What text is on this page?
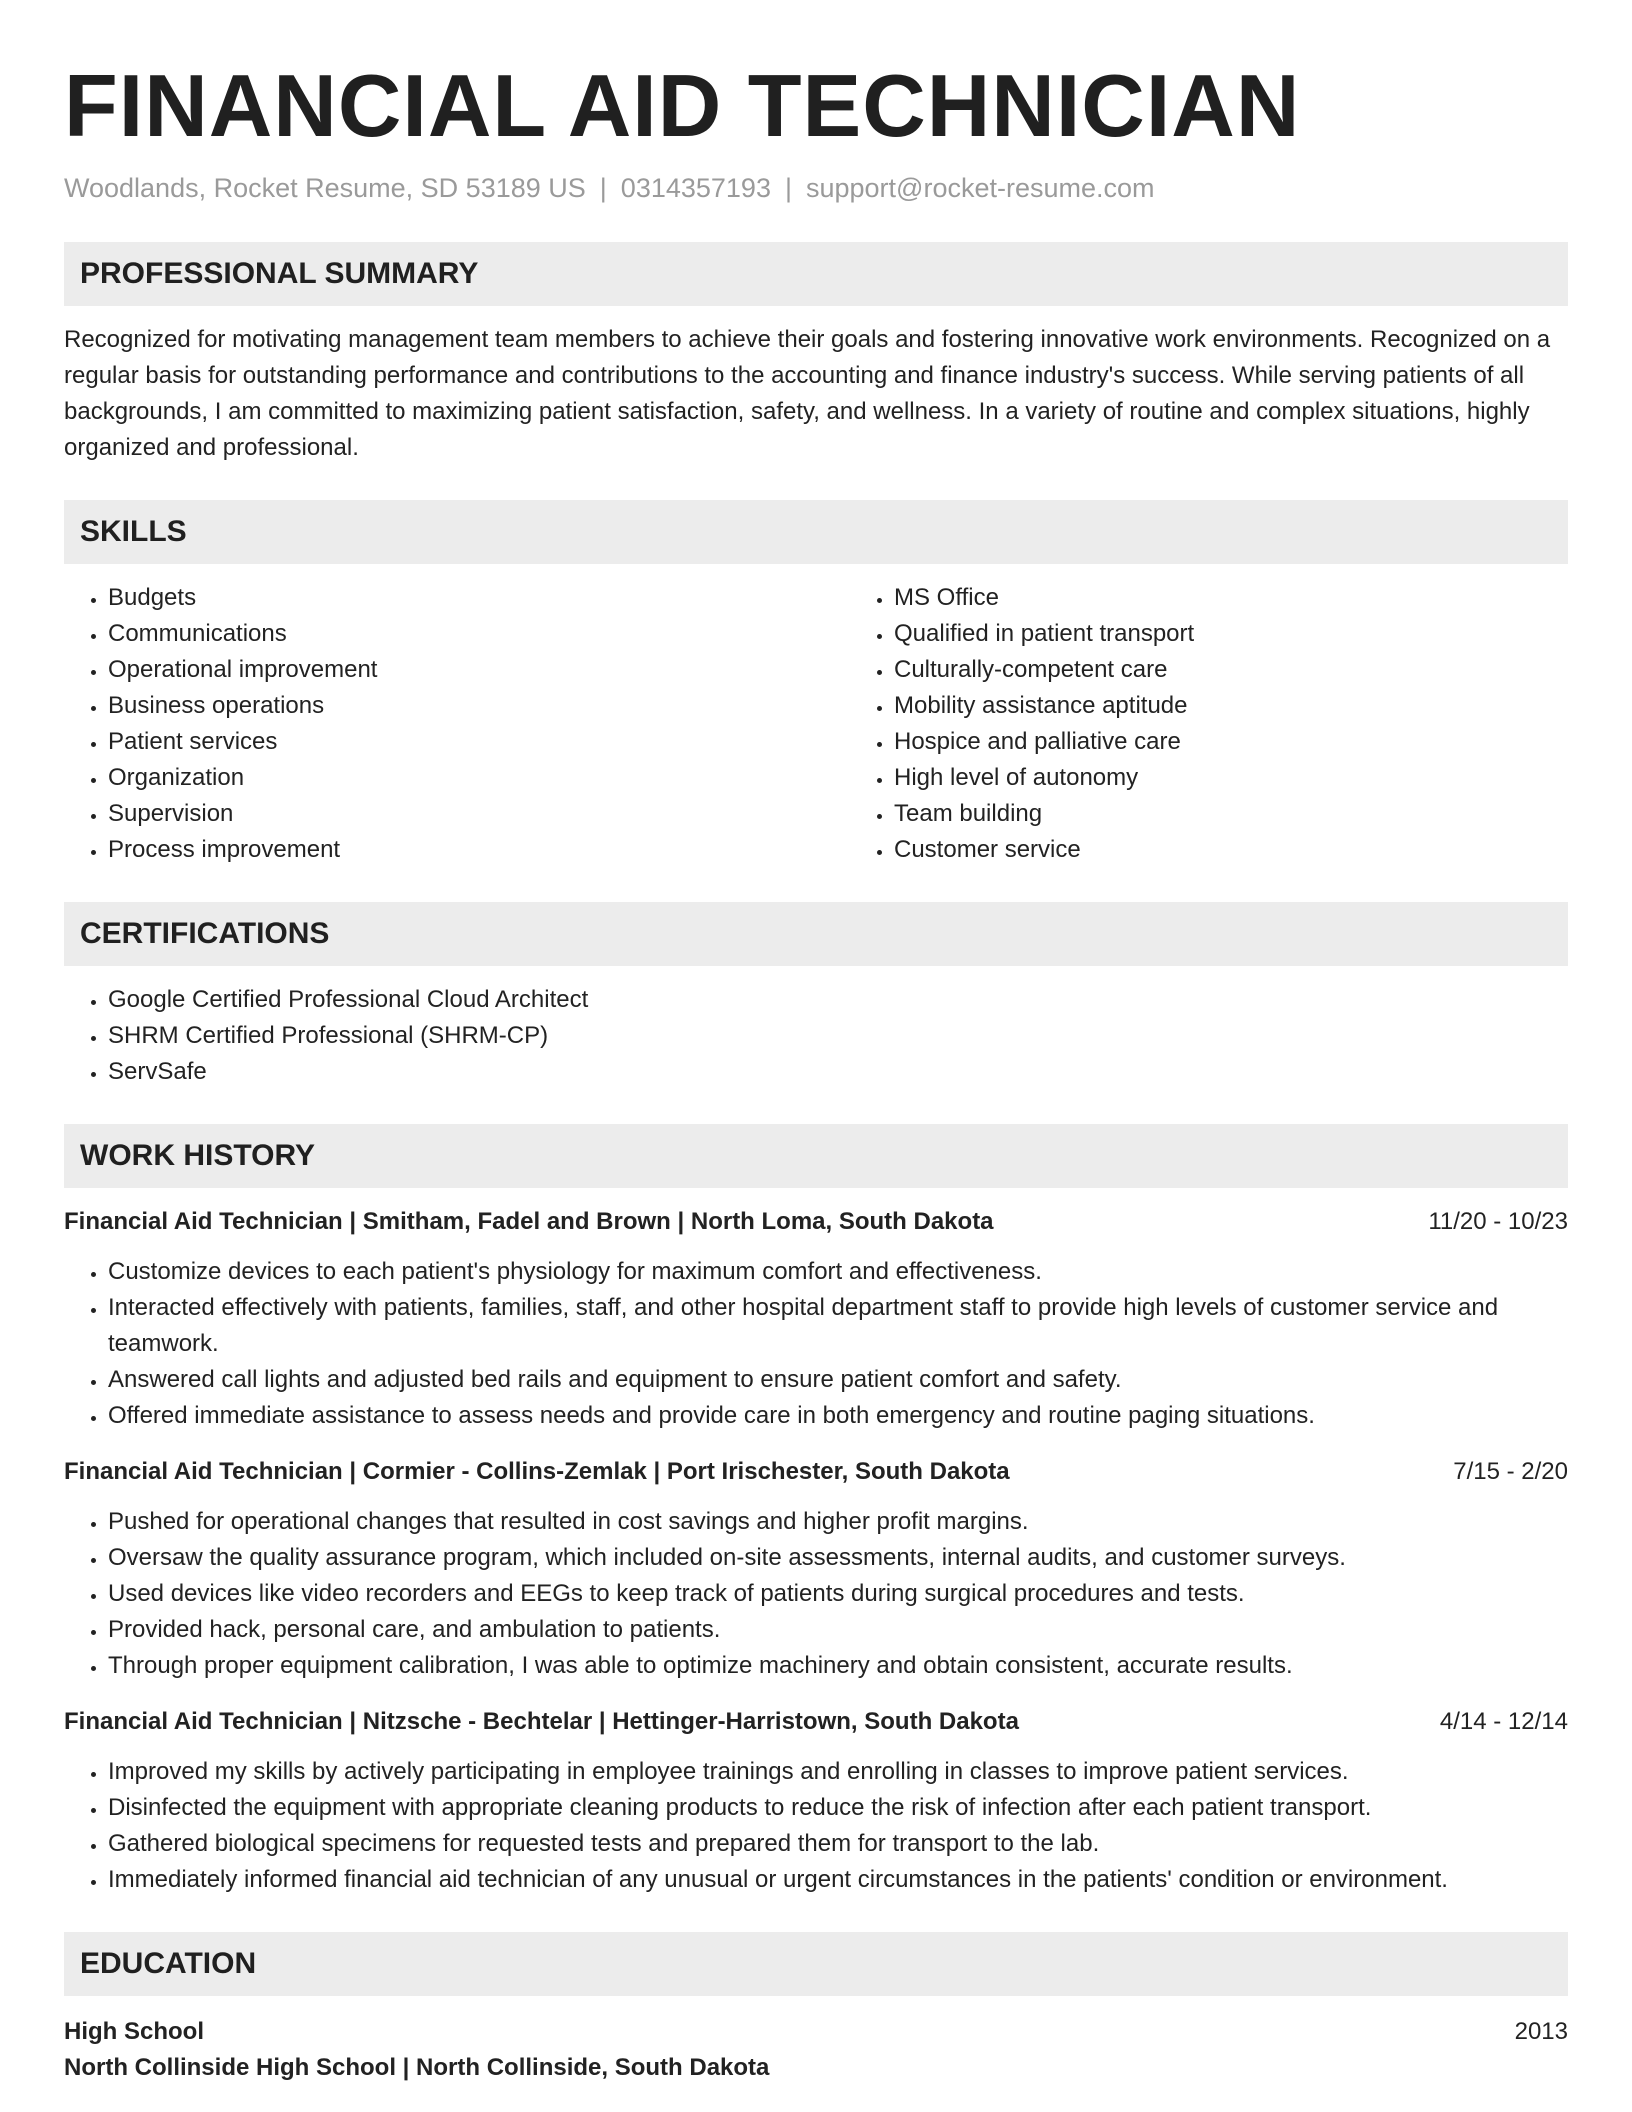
FINANCIAL AID TECHNICIAN
Woodlands, Rocket Resume, SD 53189 US | 0314357193 | support@rocket-resume.com
PROFESSIONAL SUMMARY

Recognized for motivating management team members to achieve their goals and fostering innovative work environments. Recognized on a regular basis for outstanding performance and contributions to the accounting and finance industry's success. While serving patients of all backgrounds, I am committed to maximizing patient satisfaction, safety, and wellness. In a variety of routine and complex situations, highly organized and professional.

SKILLS
• Budgets
• Communications
• Operational improvement
• Business operations
• Patient services
• Organization
• Supervision
• Process improvement
• MS Office
• Qualified in patient transport
• Culturally-competent care
• Mobility assistance aptitude
• Hospice and palliative care
• High level of autonomy
• Team building
• Customer service
CERTIFICATIONS
• Google Certified Professional Cloud Architect
• SHRM Certified Professional (SHRM-CP)
• ServSafe
WORK HISTORY
Financial Aid Technician | Smitham, Fadel and Brown | North Loma, South Dakota	11/20 - 10/23
• Customize devices to each patient's physiology for maximum comfort and effectiveness.
• Interacted effectively with patients, families, staff, and other hospital department staff to provide high levels of customer service and teamwork.
• Answered call lights and adjusted bed rails and equipment to ensure patient comfort and safety.
• Offered immediate assistance to assess needs and provide care in both emergency and routine paging situations.
Financial Aid Technician | Cormier - Collins-Zemlak | Port Irischester, South Dakota	7/15 - 2/20
• Pushed for operational changes that resulted in cost savings and higher profit margins.
• Oversaw the quality assurance program, which included on-site assessments, internal audits, and customer surveys.
• Used devices like video recorders and EEGs to keep track of patients during surgical procedures and tests.
• Provided hack, personal care, and ambulation to patients.
• Through proper equipment calibration, I was able to optimize machinery and obtain consistent, accurate results.
Financial Aid Technician | Nitzsche - Bechtelar | Hettinger-Harristown, South Dakota	4/14 - 12/14
• Improved my skills by actively participating in employee trainings and enrolling in classes to improve patient services.
• Disinfected the equipment with appropriate cleaning products to reduce the risk of infection after each patient transport.
• Gathered biological specimens for requested tests and prepared them for transport to the lab.
• Immediately informed financial aid technician of any unusual or urgent circumstances in the patients' condition or environment.
EDUCATION
High School	2013
North Collinside High School | North Collinside, South Dakota
